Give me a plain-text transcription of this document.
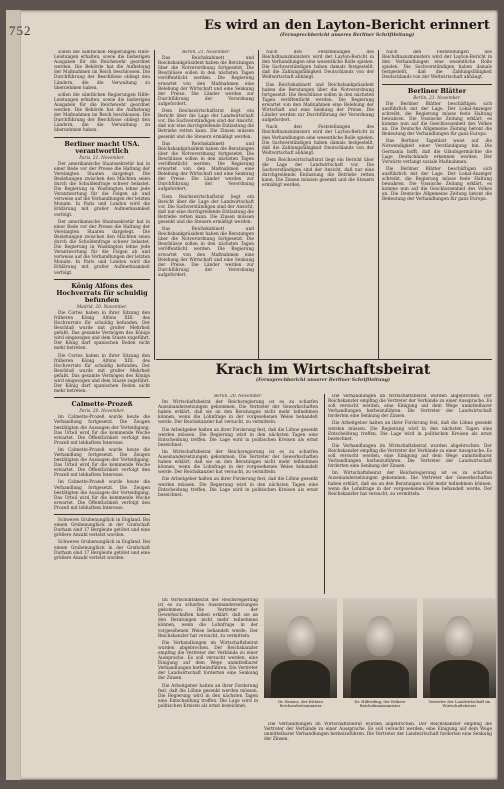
752

sollen die sämtlichen Regierungen Hilfe-Leistungen erhalten, sowie die bisherigen Ausgaben für die Reichswehr geordnet werden. Die Behörde hat die Aufhebung der Maßnahmen im Reich beschlossen. Die Durchführung der Beschlüsse obliegt den Ländern, die die Verwaltung zu übernehmen haben.

sollen die sämtlichen Regierungen Hilfe-Leistungen erhalten, sowie die bisherigen Ausgaben für die Reichswehr geordnet werden. Die Behörde hat die Aufhebung der Maßnahmen im Reich beschlossen. Die Durchführung der Beschlüsse obliegt den Ländern, die die Verwaltung zu übernehmen haben.

Berliner macht USA. verantwortlich
Paris, 21. November.

Der amerikanische Staatssekretär hat in einer Rede vor der Presse die Haltung der Vereinigten Staaten dargelegt. Die Beziehungen zwischen den Mächten seien durch die Schuldenfrage schwer belastet. Die Regierung in Washington lehne jede Verantwortung für die Folgen ab und verweise auf die Verhandlungen der letzten Monate. In Paris und London wird die Erklärung mit großer Aufmerksamkeit verfolgt.

Der amerikanische Staatssekretär hat in einer Rede vor der Presse die Haltung der Vereinigten Staaten dargelegt. Die Beziehungen zwischen den Mächten seien durch die Schuldenfrage schwer belastet. Die Regierung in Washington lehne jede Verantwortung für die Folgen ab und verweise auf die Verhandlungen der letzten Monate. In Paris und London wird die Erklärung mit großer Aufmerksamkeit verfolgt.

König Alfons des Hochverrats für schuldig befunden
Madrid, 20. November.

Die Cortes haben in ihrer Sitzung den früheren König Alfons XIII. des Hochverrats für schuldig befunden. Der Beschluß wurde mit großer Mehrheit gefaßt. Das gesamte Vermögen des Königs wird eingezogen und dem Staate zugeführt. Der König darf spanischen Boden nicht mehr betreten.

Die Cortes haben in ihrer Sitzung den früheren König Alfons XIII. des Hochverrats für schuldig befunden. Der Beschluß wurde mit großer Mehrheit gefaßt. Das gesamte Vermögen des Königs wird eingezogen und dem Staate zugeführt. Der König darf spanischen Boden nicht mehr betreten.

Calmette-Prozeß
Paris, 20. November.

Im Calmette-Prozeß wurde heute die Verhandlung fortgesetzt. Die Zeugen bestätigten die Aussagen der Verteidigung. Das Urteil wird für die kommende Woche erwartet. Die Öffentlichkeit verfolgt den Prozeß mit lebhaftem Interesse.

Im Calmette-Prozeß wurde heute die Verhandlung fortgesetzt. Die Zeugen bestätigten die Aussagen der Verteidigung. Das Urteil wird für die kommende Woche erwartet. Die Öffentlichkeit verfolgt den Prozeß mit lebhaftem Interesse.

Im Calmette-Prozeß wurde heute die Verhandlung fortgesetzt. Die Zeugen bestätigten die Aussagen der Verteidigung. Das Urteil wird für die kommende Woche erwartet. Die Öffentlichkeit verfolgt den Prozeß mit lebhaftem Interesse.

Schweres Grubenunglück in England. Bei einem Grubenunglück in der Grafschaft Durham sind 17 Bergleute getötet und eine größere Anzahl verletzt worden.

Schweres Grubenunglück in England. Bei einem Grubenunglück in der Grafschaft Durham sind 17 Bergleute getötet und eine größere Anzahl verletzt worden.

Berlin, 21. November.

Das Reichskabinett und Reichsbankpräsident haben die Beratungen über die Notverordnung fortgesetzt. Die Beschlüsse sollen in den nächsten Tagen veröffentlicht werden. Die Regierung erwartet von den Maßnahmen eine Belebung der Wirtschaft und eine Senkung der Preise. Die Länder werden zur Durchführung der Verordnung aufgefordert.

Dem Reichswirtschaftsrat liegt ein Bericht über die Lage der Landwirtschaft vor. Die Sachverständigen sind der Ansicht, daß nur eine durchgreifende Entlastung die Betriebe retten kann. Die Zinsen müssen gesenkt und die Steuern ermäßigt werden.

Das Reichskabinett und Reichsbankpräsident haben die Beratungen über die Notverordnung fortgesetzt. Die Beschlüsse sollen in den nächsten Tagen veröffentlicht werden. Die Regierung erwartet von den Maßnahmen eine Belebung der Wirtschaft und eine Senkung der Preise. Die Länder werden zur Durchführung der Verordnung aufgefordert.

Dem Reichswirtschaftsrat liegt ein Bericht über die Lage der Landwirtschaft vor. Die Sachverständigen sind der Ansicht, daß nur eine durchgreifende Entlastung die Betriebe retten kann. Die Zinsen müssen gesenkt und die Steuern ermäßigt werden.

Das Reichskabinett und Reichsbankpräsident haben die Beratungen über die Notverordnung fortgesetzt. Die Beschlüsse sollen in den nächsten Tagen veröffentlicht werden. Die Regierung erwartet von den Maßnahmen eine Belebung der Wirtschaft und eine Senkung der Preise. Die Länder werden zur Durchführung der Verordnung aufgefordert.

Es wird an den Layton-Bericht erinnert
(Fernsprechbericht unseres Berliner Schriftleitung)

Nach den Feststellungen des Reichsfinanzministers wird der Layton-Bericht in den Verhandlungen eine wesentliche Rolle spielen. Die Sachverständigen haben damals festgestellt, daß die Zahlungsfähigkeit Deutschlands von der Weltwirtschaft abhängt.

Das Reichskabinett und Reichsbankpräsident haben die Beratungen über die Notverordnung fortgesetzt. Die Beschlüsse sollen in den nächsten Tagen veröffentlicht werden. Die Regierung erwartet von den Maßnahmen eine Belebung der Wirtschaft und eine Senkung der Preise. Die Länder werden zur Durchführung der Verordnung aufgefordert.

Nach den Feststellungen des Reichsfinanzministers wird der Layton-Bericht in den Verhandlungen eine wesentliche Rolle spielen. Die Sachverständigen haben damals festgestellt, daß die Zahlungsfähigkeit Deutschlands von der Weltwirtschaft abhängt.

Dem Reichswirtschaftsrat liegt ein Bericht über die Lage der Landwirtschaft vor. Die Sachverständigen sind der Ansicht, daß nur eine durchgreifende Entlastung die Betriebe retten kann. Die Zinsen müssen gesenkt und die Steuern ermäßigt werden.

Nach den Feststellungen des Reichsfinanzministers wird der Layton-Bericht in den Verhandlungen eine wesentliche Rolle spielen. Die Sachverständigen haben damals festgestellt, daß die Zahlungsfähigkeit Deutschlands von der Weltwirtschaft abhängt.

Berliner Blätter
Berlin, 21. November.

Die Berliner Blätter beschäftigen sich ausführlich mit der Lage. Der Lokal-Anzeiger schreibt, die Regierung müsse feste Haltung bewahren. Die Vossische Zeitung erklärt, es komme nun auf die Geschlossenheit des Volkes an. Die Deutsche Allgemeine Zeitung betont die Bedeutung der Verhandlungen für ganz Europa.

Das Berliner Tageblatt weist auf die Notwendigkeit einer Verständigung hin. Die Germania hofft, daß die Gläubigermächte die Lage Deutschlands erkennen werden. Der Vorwärts verlangt soziale Maßnahmen.

Die Berliner Blätter beschäftigen sich ausführlich mit der Lage. Der Lokal-Anzeiger schreibt, die Regierung müsse feste Haltung bewahren. Die Vossische Zeitung erklärt, es komme nun auf die Geschlossenheit des Volkes an. Die Deutsche Allgemeine Zeitung betont die Bedeutung der Verhandlungen für ganz Europa.

Krach im Wirtschaftsbeirat
(Fernsprechbericht unserer Berliner Schriftleitung)
Berlin, 20. November.

Im Wirtschaftsbeirat der Reichsregierung ist es zu scharfen Auseinandersetzungen gekommen. Die Vertreter der Gewerkschaften haben erklärt, daß sie an den Beratungen nicht mehr teilnehmen können, wenn die Lohnfrage in der vorgesehenen Weise behandelt werde. Der Reichskanzler hat versucht, zu vermitteln.

Die Arbeitgeber halten an ihrer Forderung fest, daß die Löhne gesenkt werden müssen. Die Regierung wird in den nächsten Tagen eine Entscheidung treffen. Die Lage wird in politischen Kreisen als ernst bezeichnet.

Im Wirtschaftsbeirat der Reichsregierung ist es zu scharfen Auseinandersetzungen gekommen. Die Vertreter der Gewerkschaften haben erklärt, daß sie an den Beratungen nicht mehr teilnehmen können, wenn die Lohnfrage in der vorgesehenen Weise behandelt werde. Der Reichskanzler hat versucht, zu vermitteln.

Die Arbeitgeber halten an ihrer Forderung fest, daß die Löhne gesenkt werden müssen. Die Regierung wird in den nächsten Tagen eine Entscheidung treffen. Die Lage wird in politischen Kreisen als ernst bezeichnet.

Die Verhandlungen im Wirtschaftsbeirat wurden abgebrochen. Der Reichskanzler empfing die Vertreter der Verbände zu einer Aussprache. Es soll versucht werden, eine Einigung auf dem Wege unmittelbarer Verhandlungen herbeizuführen. Die Vertreter der Landwirtschaft forderten eine Senkung der Zinsen.

Die Arbeitgeber halten an ihrer Forderung fest, daß die Löhne gesenkt werden müssen. Die Regierung wird in den nächsten Tagen eine Entscheidung treffen. Die Lage wird in politischen Kreisen als ernst bezeichnet.

Die Verhandlungen im Wirtschaftsbeirat wurden abgebrochen. Der Reichskanzler empfing die Vertreter der Verbände zu einer Aussprache. Es soll versucht werden, eine Einigung auf dem Wege unmittelbarer Verhandlungen herbeizuführen. Die Vertreter der Landwirtschaft forderten eine Senkung der Zinsen.

Im Wirtschaftsbeirat der Reichsregierung ist es zu scharfen Auseinandersetzungen gekommen. Die Vertreter der Gewerkschaften haben erklärt, daß sie an den Beratungen nicht mehr teilnehmen können, wenn die Lohnfrage in der vorgesehenen Weise behandelt werde. Der Reichskanzler hat versucht, zu vermitteln.

Im Wirtschaftsbeirat der Reichsregierung ist es zu scharfen Auseinandersetzungen gekommen. Die Vertreter der Gewerkschaften haben erklärt, daß sie an den Beratungen nicht mehr teilnehmen können, wenn die Lohnfrage in der vorgesehenen Weise behandelt werde. Der Reichskanzler hat versucht, zu vermitteln.

Die Verhandlungen im Wirtschaftsbeirat wurden abgebrochen. Der Reichskanzler empfing die Vertreter der Verbände zu einer Aussprache. Es soll versucht werden, eine Einigung auf dem Wege unmittelbarer Verhandlungen herbeizuführen. Die Vertreter der Landwirtschaft forderten eine Senkung der Zinsen.

Die Arbeitgeber halten an ihrer Forderung fest, daß die Löhne gesenkt werden müssen. Die Regierung wird in den nächsten Tagen eine Entscheidung treffen. Die Lage wird in politischen Kreisen als ernst bezeichnet.

Dr. Brauns, der frühere Reichsarbeitsminister
Dr. Hilferding, der frühere Reichsfinanzminister
Vertreter der Landwirtschaft im Wirtschaftsbeirat

Die Verhandlungen im Wirtschaftsbeirat wurden abgebrochen. Der Reichskanzler empfing die Vertreter der Verbände zu einer Aussprache. Es soll versucht werden, eine Einigung auf dem Wege unmittelbarer Verhandlungen herbeizuführen. Die Vertreter der Landwirtschaft forderten eine Senkung der Zinsen.
